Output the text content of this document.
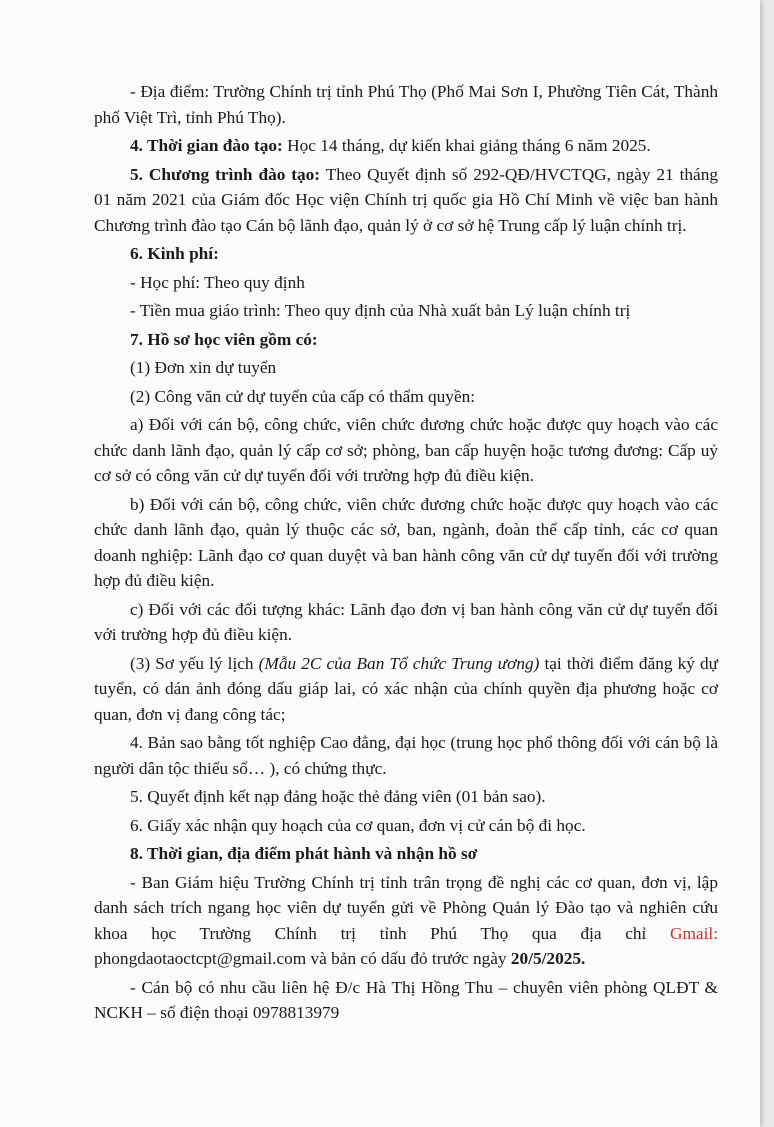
- Địa điểm: Trường Chính trị tỉnh Phú Thọ (Phố Mai Sơn I, Phường Tiên Cát, Thành phố Việt Trì, tỉnh Phú Thọ).

4. Thời gian đào tạo: Học 14 tháng, dự kiến khai giảng tháng 6 năm 2025.

5. Chương trình đào tạo: Theo Quyết định số 292-QĐ/HVCTQG, ngày 21 tháng 01 năm 2021 của Giám đốc Học viện Chính trị quốc gia Hồ Chí Minh về việc ban hành Chương trình đào tạo Cán bộ lãnh đạo, quản lý ở cơ sở hệ Trung cấp lý luận chính trị.

6. Kinh phí:

- Học phí: Theo quy định

- Tiền mua giáo trình: Theo quy định của Nhà xuất bản Lý luận chính trị

7. Hồ sơ học viên gồm có:

(1) Đơn xin dự tuyển

(2) Công văn cử dự tuyển của cấp có thẩm quyền:

a) Đối với cán bộ, công chức, viên chức đương chức hoặc được quy hoạch vào các chức danh lãnh đạo, quản lý cấp cơ sở; phòng, ban cấp huyện hoặc tương đương: Cấp uỷ cơ sở có công văn cử dự tuyển đối với trường hợp đủ điều kiện.

b) Đối với cán bộ, công chức, viên chức đương chức hoặc được quy hoạch vào các chức danh lãnh đạo, quản lý thuộc các sở, ban, ngành, đoàn thể cấp tỉnh, các cơ quan doanh nghiệp: Lãnh đạo cơ quan duyệt và ban hành công văn cử dự tuyển đối với trường hợp đủ điều kiện.

c) Đối với các đối tượng khác: Lãnh đạo đơn vị ban hành công văn cử dự tuyển đối với trường hợp đủ điều kiện.

(3) Sơ yếu lý lịch (Mẫu 2C của Ban Tổ chức Trung ương) tại thời điểm đăng ký dự tuyển, có dán ảnh đóng dấu giáp lai, có xác nhận của chính quyền địa phương hoặc cơ quan, đơn vị đang công tác;

4. Bản sao bằng tốt nghiệp Cao đẳng, đại học (trung học phổ thông đối với cán bộ là người dân tộc thiểu số… ), có chứng thực.

5. Quyết định kết nạp đảng hoặc thẻ đảng viên (01 bản sao).

6. Giấy xác nhận quy hoạch của cơ quan, đơn vị cử cán bộ đi học.

8. Thời gian, địa điểm phát hành và nhận hồ sơ

- Ban Giám hiệu Trường Chính trị tỉnh trân trọng đề nghị các cơ quan, đơn vị, lập danh sách trích ngang học viên dự tuyển gửi về Phòng Quản lý Đào tạo và nghiên cứu khoa học Trường Chính trị tỉnh Phú Thọ qua địa chỉ Gmail: phongdaotaoctcpt@gmail.com và bản có dấu đỏ trước ngày 20/5/2025.

- Cán bộ có nhu cầu liên hệ Đ/c Hà Thị Hồng Thu – chuyên viên phòng QLĐT & NCKH – số điện thoại 0978813979
